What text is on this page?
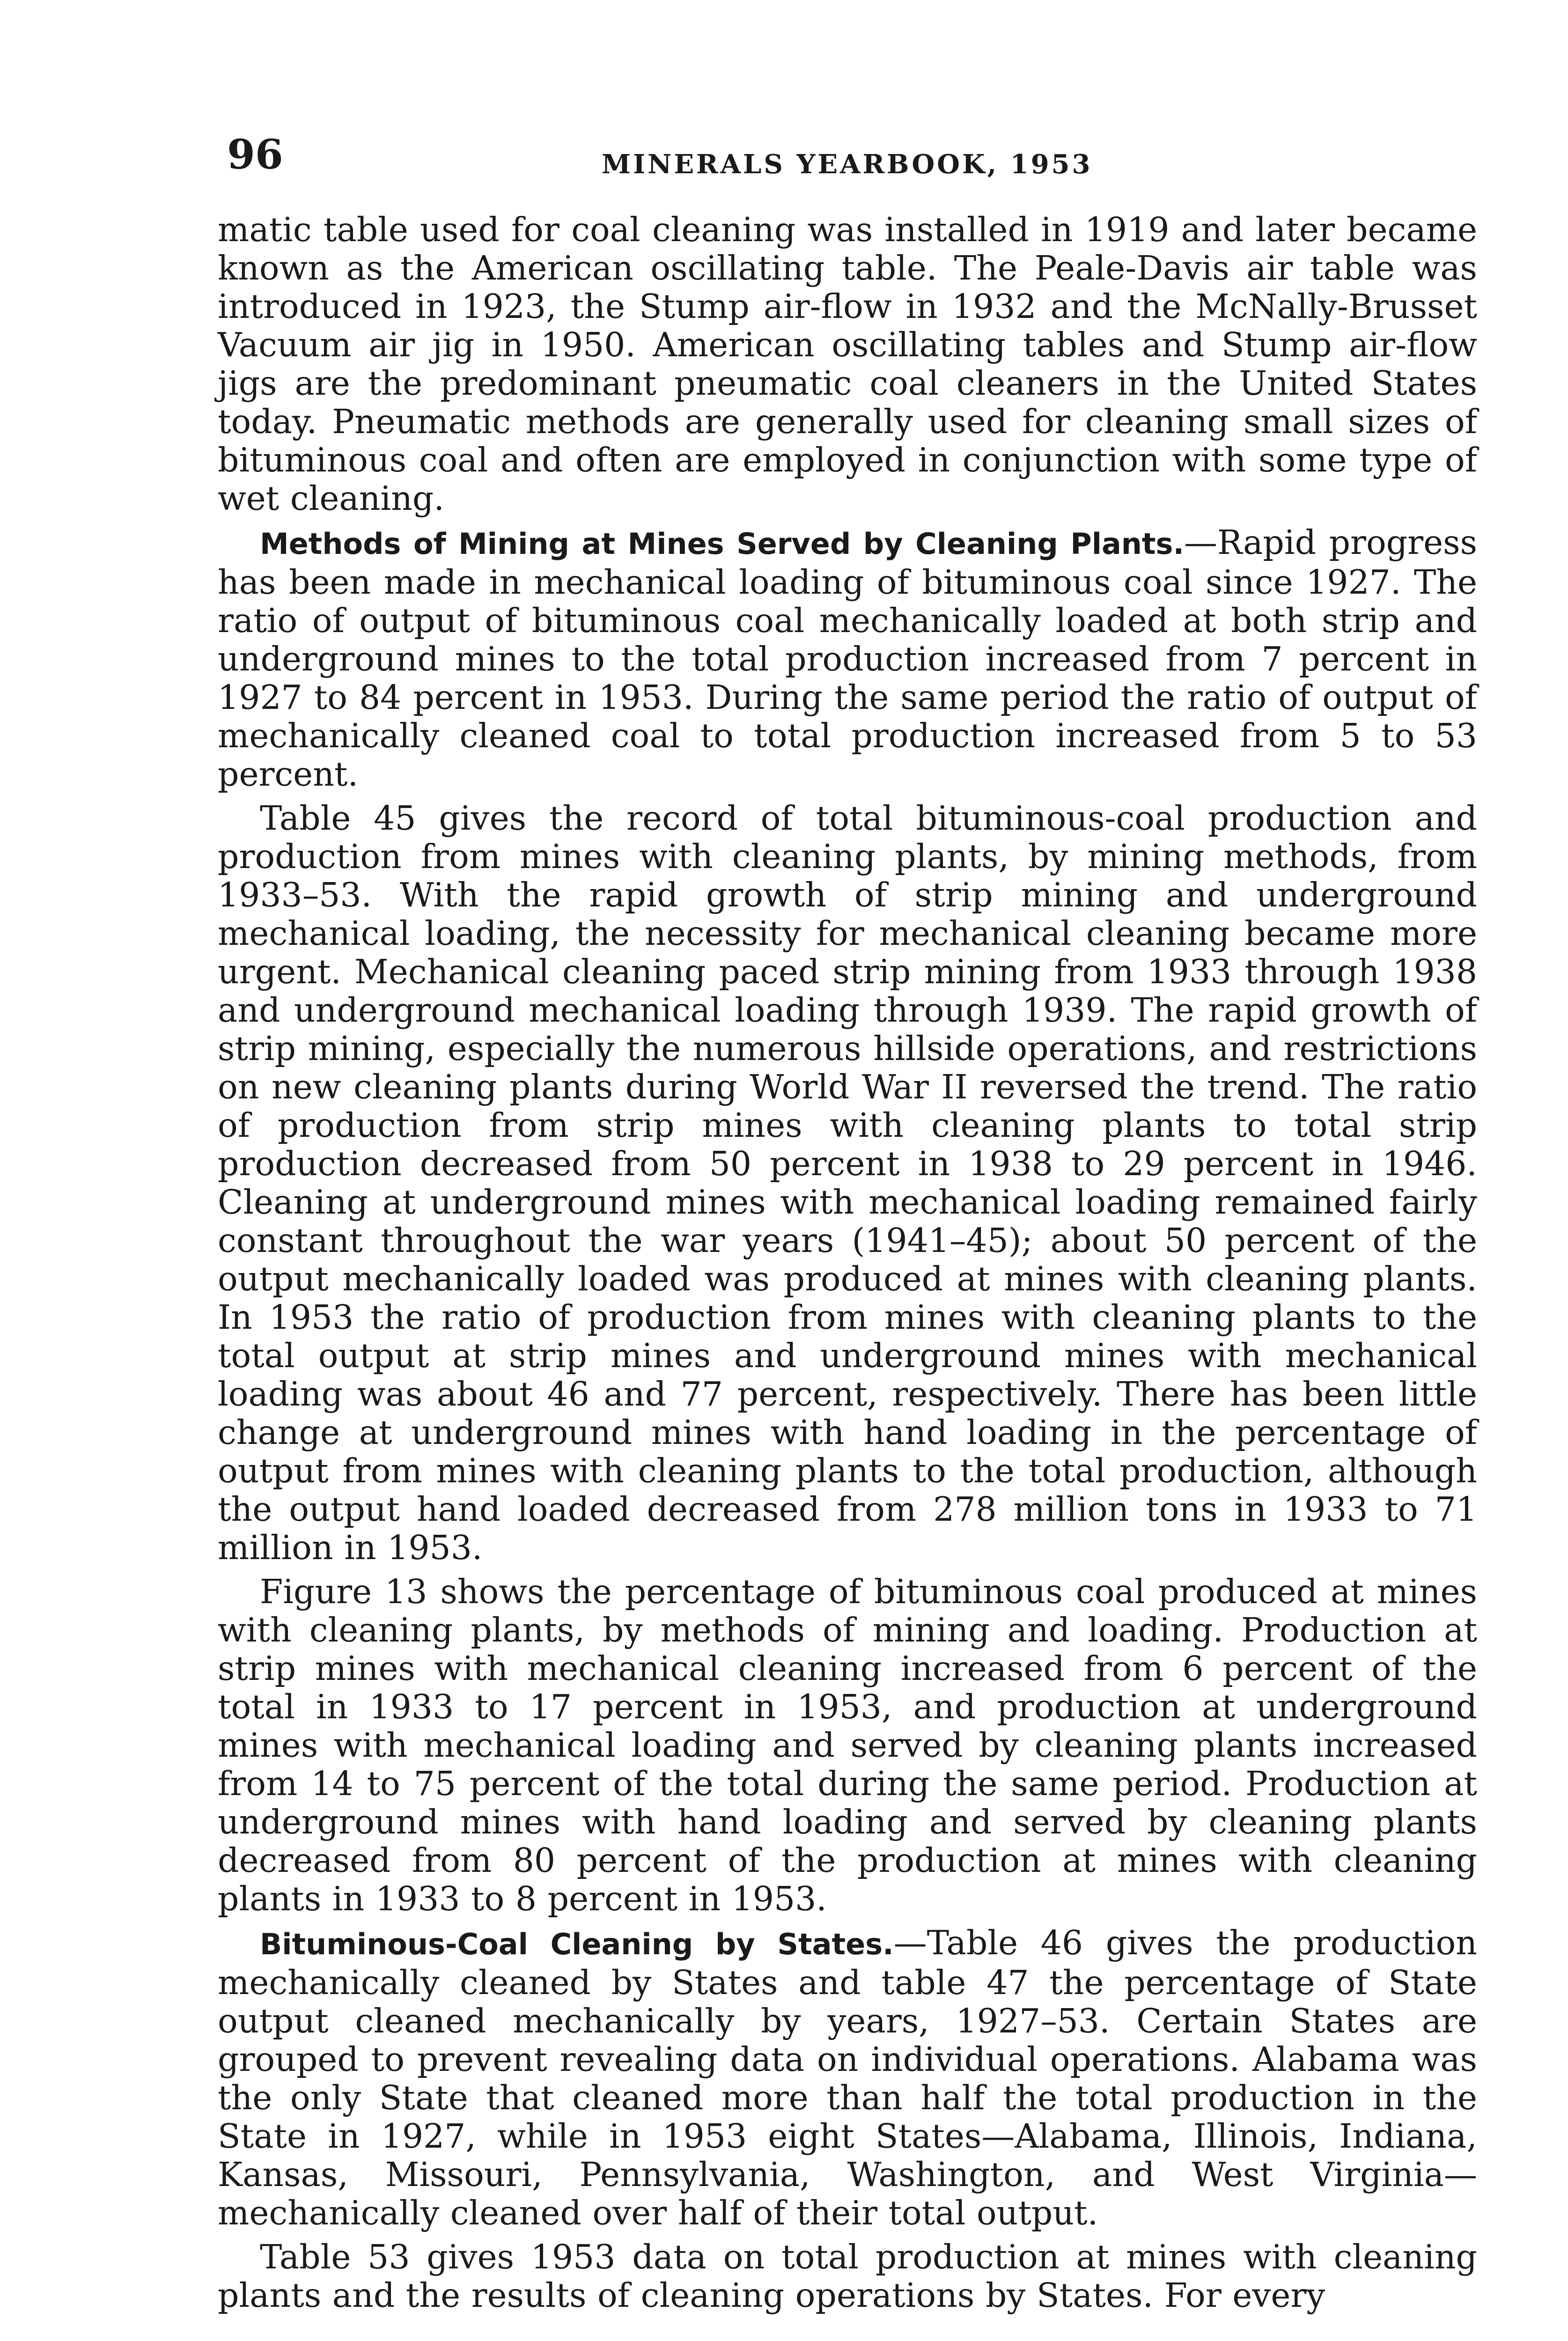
96	MINERALS YEARBOOK, 1953

matic table used for coal cleaning was installed in 1919 and later became known as the American oscillating table. The Peale-Davis air table was introduced in 1923, the Stump air-flow in 1932 and the McNally-Brusset Vacuum air jig in 1950. American oscillating tables and Stump air-flow jigs are the predominant pneumatic coal cleaners in the United States today. Pneumatic methods are generally used for cleaning small sizes of bituminous coal and often are employed in conjunction with some type of wet cleaning.

Methods of Mining at Mines Served by Cleaning Plants.—Rapid progress has been made in mechanical loading of bituminous coal since 1927. The ratio of output of bituminous coal mechanically loaded at both strip and underground mines to the total production increased from 7 percent in 1927 to 84 percent in 1953. During the same period the ratio of output of mechanically cleaned coal to total production increased from 5 to 53 percent.

Table 45 gives the record of total bituminous-coal production and production from mines with cleaning plants, by mining methods, from 1933–53. With the rapid growth of strip mining and underground mechanical loading, the necessity for mechanical cleaning became more urgent. Mechanical cleaning paced strip mining from 1933 through 1938 and underground mechanical loading through 1939. The rapid growth of strip mining, especially the numerous hillside operations, and restrictions on new cleaning plants during World War II reversed the trend. The ratio of production from strip mines with cleaning plants to total strip production decreased from 50 percent in 1938 to 29 percent in 1946. Cleaning at underground mines with mechanical loading remained fairly constant throughout the war years (1941–45); about 50 percent of the output mechanically loaded was produced at mines with cleaning plants. In 1953 the ratio of production from mines with cleaning plants to the total output at strip mines and underground mines with mechanical loading was about 46 and 77 percent, respectively. There has been little change at underground mines with hand loading in the percentage of output from mines with cleaning plants to the total production, although the output hand loaded decreased from 278 million tons in 1933 to 71 million in 1953.

Figure 13 shows the percentage of bituminous coal produced at mines with cleaning plants, by methods of mining and loading. Production at strip mines with mechanical cleaning increased from 6 percent of the total in 1933 to 17 percent in 1953, and production at underground mines with mechanical loading and served by cleaning plants increased from 14 to 75 percent of the total during the same period. Production at underground mines with hand loading and served by cleaning plants decreased from 80 percent of the production at mines with cleaning plants in 1933 to 8 percent in 1953.

Bituminous-Coal Cleaning by States.—Table 46 gives the production mechanically cleaned by States and table 47 the percentage of State output cleaned mechanically by years, 1927–53. Certain States are grouped to prevent revealing data on individual operations. Alabama was the only State that cleaned more than half the total production in the State in 1927, while in 1953 eight States—Alabama, Illinois, Indiana, Kansas, Missouri, Pennsylvania, Washington, and West Virginia—mechanically cleaned over half of their total output.

Table 53 gives 1953 data on total production at mines with cleaning plants and the results of cleaning operations by States. For every
